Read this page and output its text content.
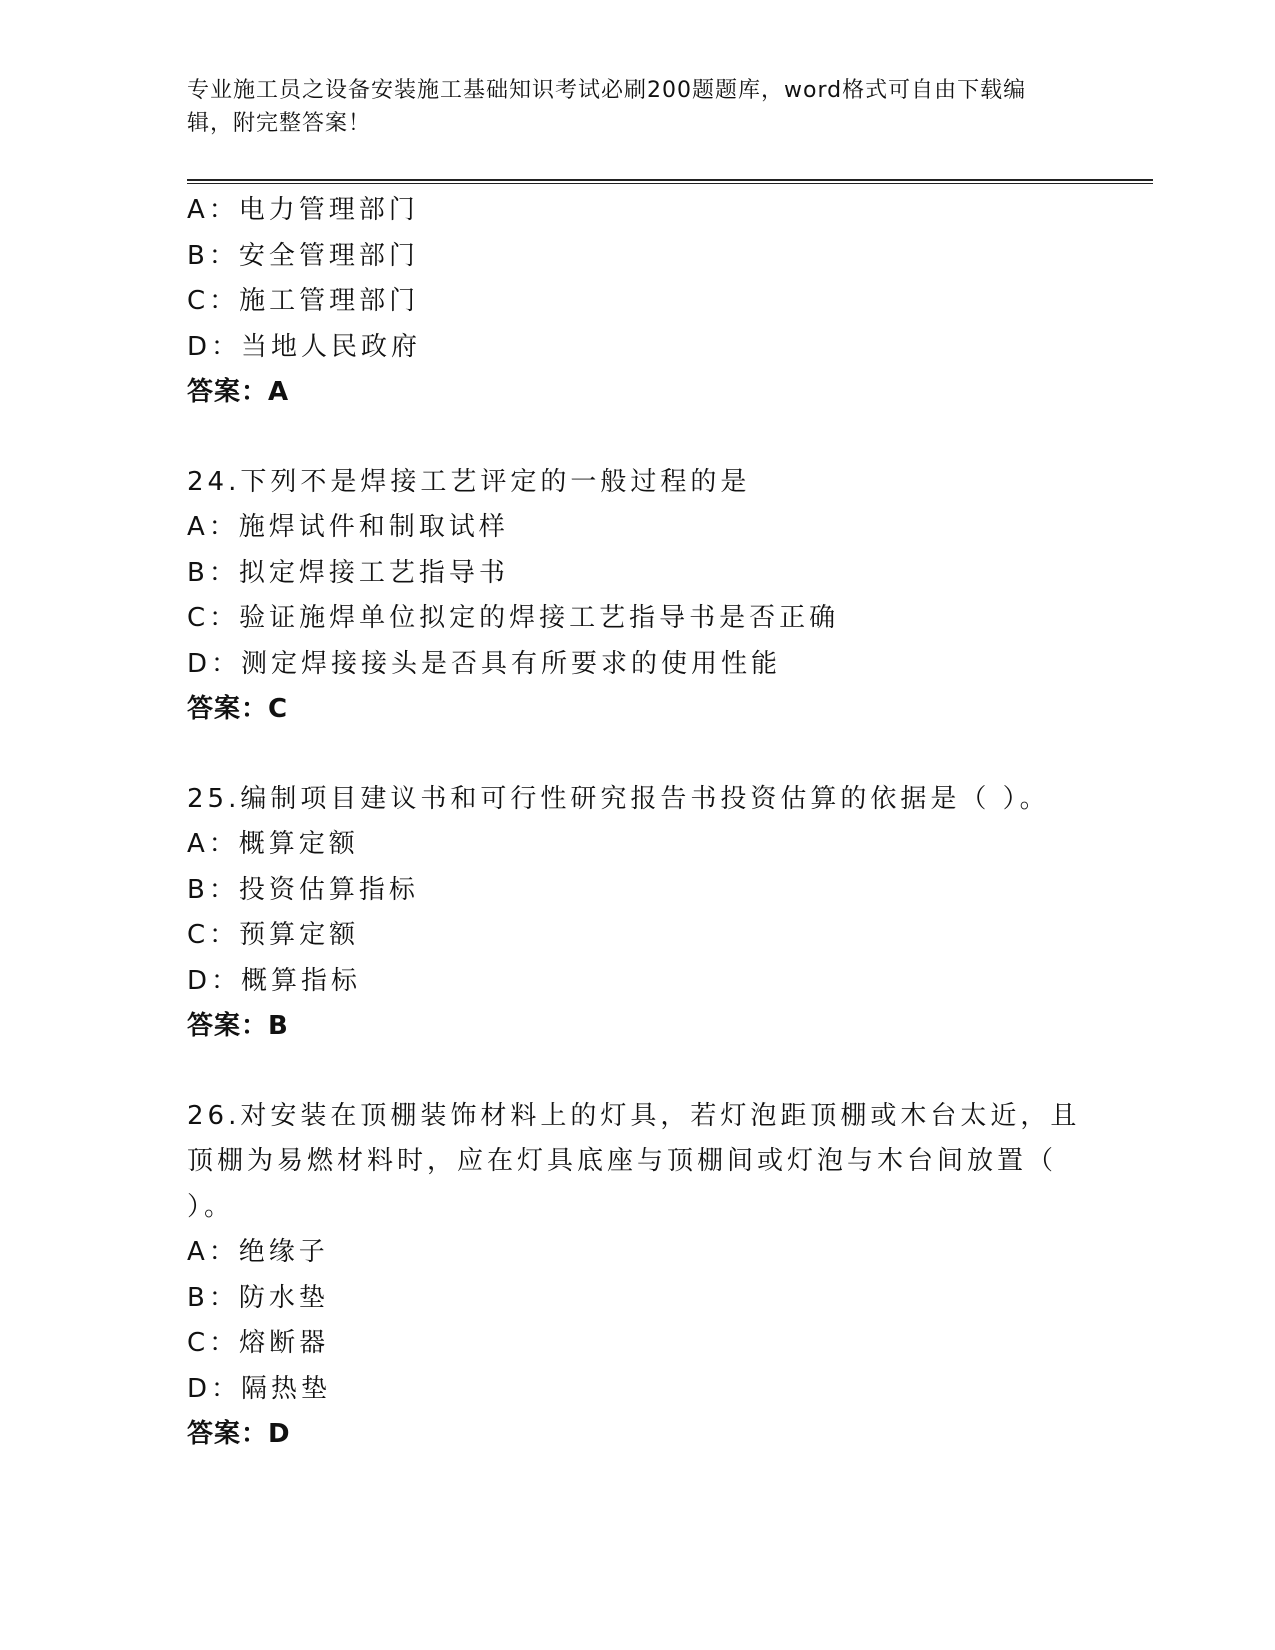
专业施工员之设备安装施工基础知识考试必刷200题题库，word格式可自由下载编辑，附完整答案！
A：电力管理部门
B：安全管理部门
C：施工管理部门
D：当地人民政府
答案：A
24.下列不是焊接工艺评定的一般过程的是
A：施焊试件和制取试样
B：拟定焊接工艺指导书
C：验证施焊单位拟定的焊接工艺指导书是否正确
D：测定焊接接头是否具有所要求的使用性能
答案：C
25.编制项目建议书和可行性研究报告书投资估算的依据是（ ）。
A：概算定额
B：投资估算指标
C：预算定额
D：概算指标
答案：B
26.对安装在顶棚装饰材料上的灯具，若灯泡距顶棚或木台太近，且顶棚为易燃材料时，应在灯具底座与顶棚间或灯泡与木台间放置（ ）。
A：绝缘子
B：防水垫
C：熔断器
D：隔热垫
答案：D
